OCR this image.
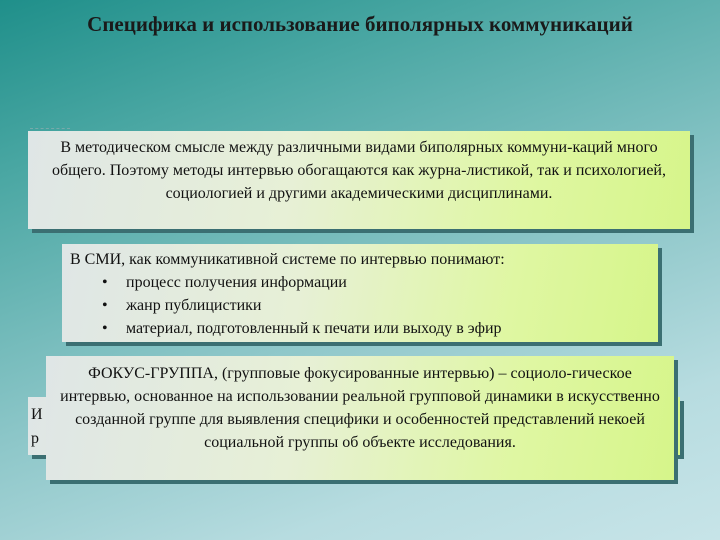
Специфика и использование биполярных коммуникаций

В методическом смысле между различными видами биполярных коммуни-каций много общего. Поэтому методы интервью обогащаются как журна-листикой, так и психологией, социологией и другими академическими дисциплинами.

В СМИ, как коммуникативной системе по интервью понимают:
• процесс получения информации
• жанр публицистики
• материал, подготовленный к печати или выходу в эфир
И
р

ФОКУС-ГРУППА, (групповые фокусированные интервью) – социоло-гическое интервью, основанное на использовании реальной групповой динамики в искусственно созданной группе для выявления специфики и особенностей представлений некоей социальной группы об объекте исследования.
